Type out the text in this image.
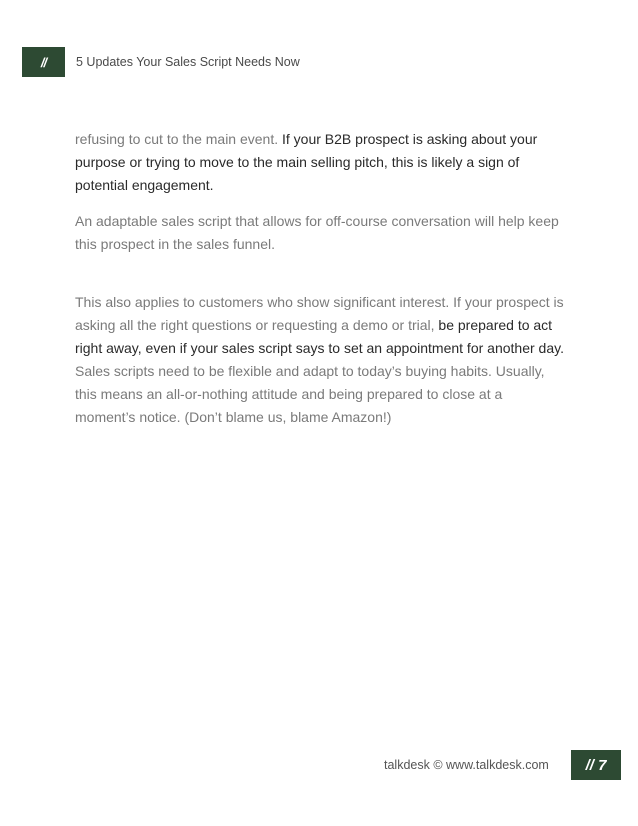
//	5 Updates Your Sales Script Needs Now

refusing to cut to the main event. If your B2B prospect is asking about your purpose or trying to move to the main selling pitch, this is likely a sign of potential engagement.

An adaptable sales script that allows for off-course conversation will help keep this prospect in the sales funnel.

This also applies to customers who show significant interest. If your prospect is asking all the right questions or requesting a demo or trial, be prepared to act right away, even if your sales script says to set an appointment for another day. Sales scripts need to be flexible and adapt to today’s buying habits. Usually, this means an all-or-nothing attitude and being prepared to close at a moment’s notice. (Don’t blame us, blame Amazon!)

talkdesk © www.talkdesk.com	// 7
